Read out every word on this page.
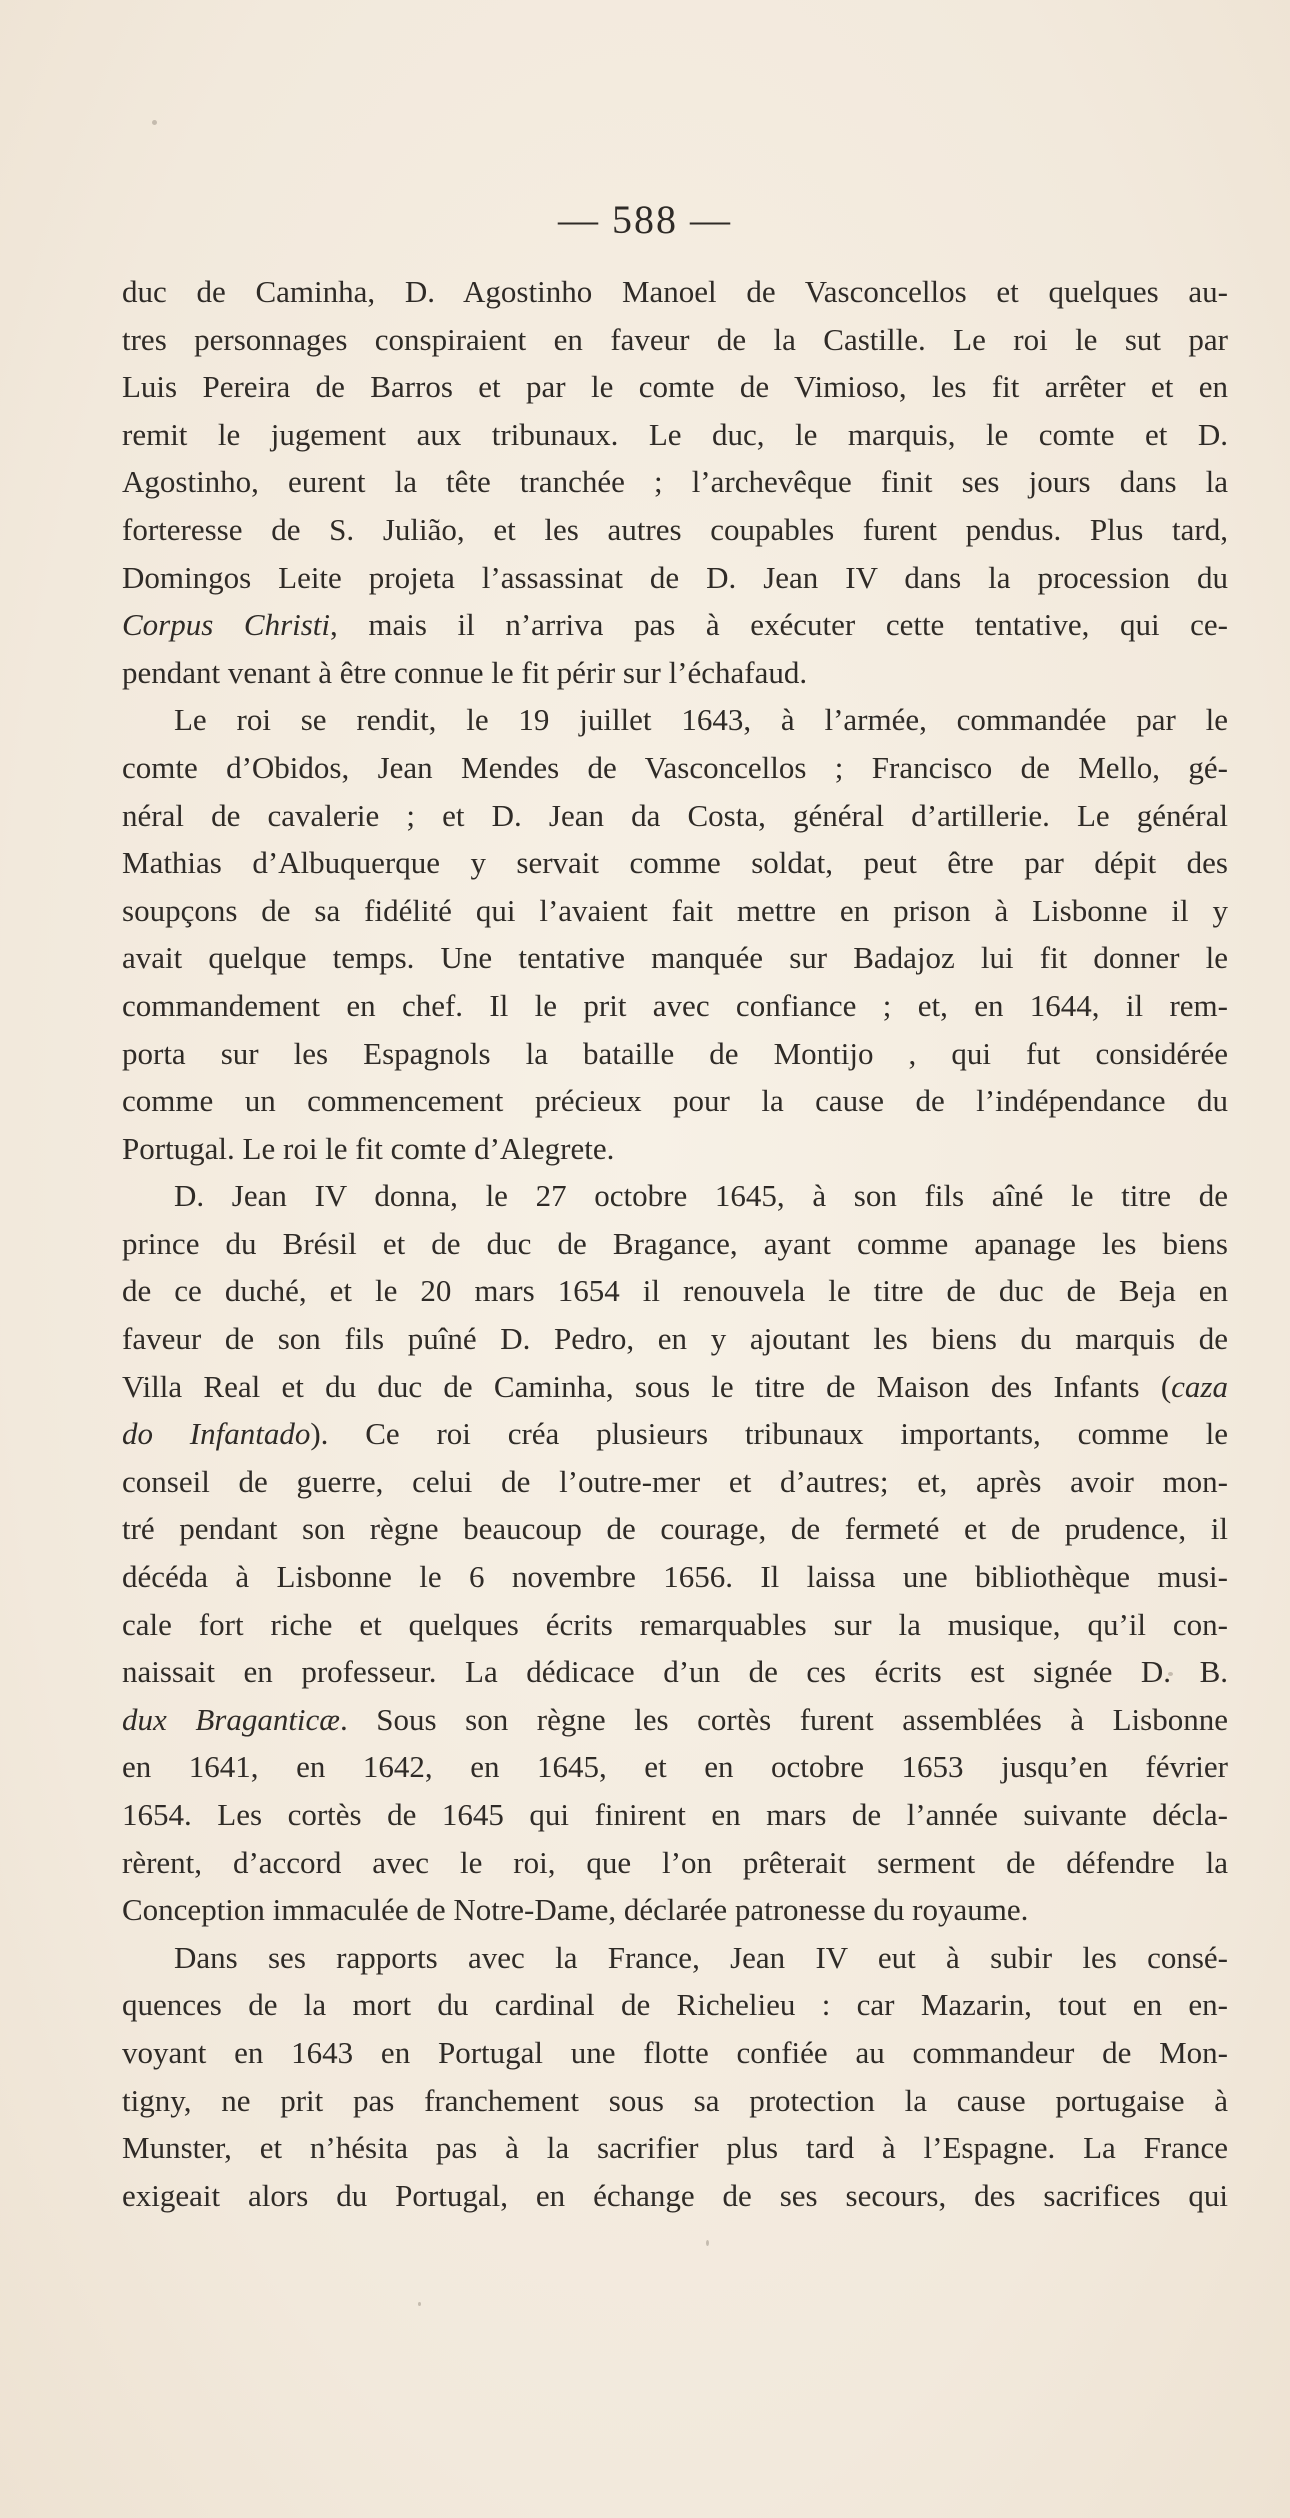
— 588 —
duc de Caminha, D. Agostinho Manoel de Vasconcellos et quelques au-
tres personnages conspiraient en faveur de la Castille. Le roi le sut par
Luis Pereira de Barros et par le comte de Vimioso, les fit arrêter et en
remit le jugement aux tribunaux. Le duc, le marquis, le comte et D.
Agostinho, eurent la tête tranchée ; l’archevêque finit ses jours dans la
forteresse de S. Julião, et les autres coupables furent pendus. Plus tard,
Domingos Leite projeta l’assassinat de D. Jean IV dans la procession du
Corpus Christi, mais il n’arriva pas à exécuter cette tentative, qui ce-
pendant venant à être connue le fit périr sur l’échafaud.
Le roi se rendit, le 19 juillet 1643, à l’armée, commandée par le
comte d’Obidos, Jean Mendes de Vasconcellos ; Francisco de Mello, gé-
néral de cavalerie ; et D. Jean da Costa, général d’artillerie. Le général
Mathias d’Albuquerque y servait comme soldat, peut être par dépit des
soupçons de sa fidélité qui l’avaient fait mettre en prison à Lisbonne il y
avait quelque temps. Une tentative manquée sur Badajoz lui fit donner le
commandement en chef. Il le prit avec confiance ; et, en 1644, il rem-
porta sur les Espagnols la bataille de Montijo , qui fut considérée
comme un commencement précieux pour la cause de l’indépendance du
Portugal. Le roi le fit comte d’Alegrete.
D. Jean IV donna, le 27 octobre 1645, à son fils aîné le titre de
prince du Brésil et de duc de Bragance, ayant comme apanage les biens
de ce duché, et le 20 mars 1654 il renouvela le titre de duc de Beja en
faveur de son fils puîné D. Pedro, en y ajoutant les biens du marquis de
Villa Real et du duc de Caminha, sous le titre de Maison des Infants (caza
do Infantado). Ce roi créa plusieurs tribunaux importants, comme le
conseil de guerre, celui de l’outre-mer et d’autres; et, après avoir mon-
tré pendant son règne beaucoup de courage, de fermeté et de prudence, il
décéda à Lisbonne le 6 novembre 1656. Il laissa une bibliothèque musi-
cale fort riche et quelques écrits remarquables sur la musique, qu’il con-
naissait en professeur. La dédicace d’un de ces écrits est signée D. B.
dux Braganticæ. Sous son règne les cortès furent assemblées à Lisbonne
en 1641, en 1642, en 1645, et en octobre 1653 jusqu’en février
1654. Les cortès de 1645 qui finirent en mars de l’année suivante décla-
rèrent, d’accord avec le roi, que l’on prêterait serment de défendre la
Conception immaculée de Notre-Dame, déclarée patronesse du royaume.
Dans ses rapports avec la France, Jean IV eut à subir les consé-
quences de la mort du cardinal de Richelieu : car Mazarin, tout en en-
voyant en 1643 en Portugal une flotte confiée au commandeur de Mon-
tigny, ne prit pas franchement sous sa protection la cause portugaise à
Munster, et n’hésita pas à la sacrifier plus tard à l’Espagne. La France
exigeait alors du Portugal, en échange de ses secours, des sacrifices qui
